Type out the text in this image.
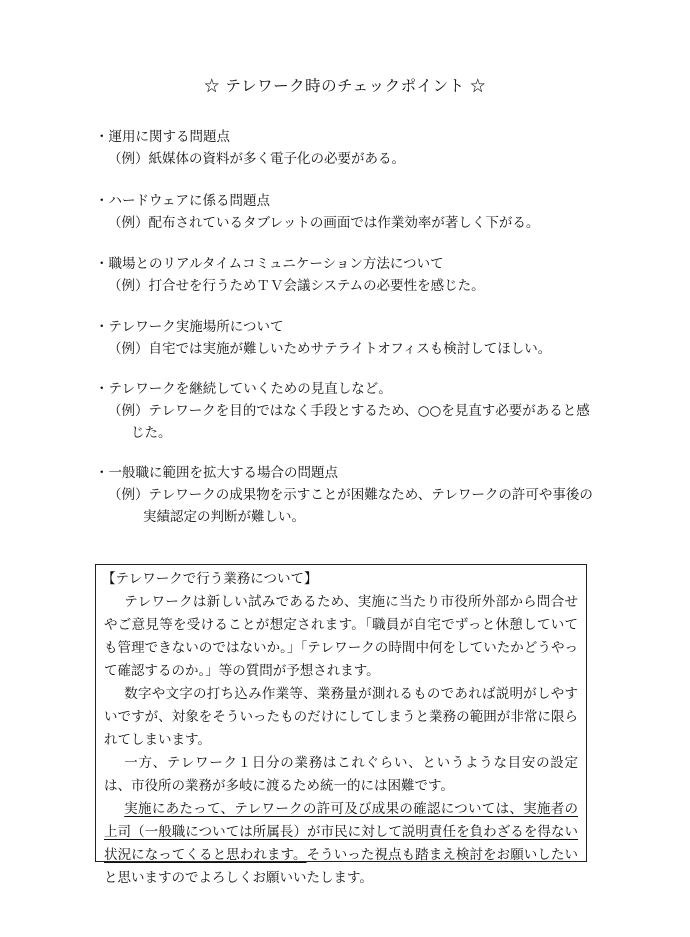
☆ テレワーク時のチェックポイント ☆
・運用に関する問題点
（例）紙媒体の資料が多く電子化の必要がある。
・ハードウェアに係る問題点
（例）配布されているタブレットの画面では作業効率が著しく下がる。
・職場とのリアルタイムコミュニケーション方法について
（例）打合せを行うためＴＶ会議システムの必要性を感じた。
・テレワーク実施場所について
（例）自宅では実施が難しいためサテライトオフィスも検討してほしい。
・テレワークを継続していくための見直しなど。
（例）テレワークを目的ではなく手段とするため、○○を見直す必要があると感
じた。
・一般職に範囲を拡大する場合の問題点
（例）テレワークの成果物を示すことが困難なため、テレワークの許可や事後の
実績認定の判断が難しい。
【テレワークで行う業務について】

テレワークは新しい試みであるため、実施に当たり市役所外部から問合せやご意見等を受けることが想定されます。「職員が自宅でずっと休憩していても管理できないのではないか。」「テレワークの時間中何をしていたかどうやって確認するのか。」等の質問が予想されます。

数字や文字の打ち込み作業等、業務量が測れるものであれば説明がしやすいですが、対象をそういったものだけにしてしまうと業務の範囲が非常に限られてしまいます。

一方、テレワーク１日分の業務はこれぐらい、というような目安の設定は、市役所の業務が多岐に渡るため統一的には困難です。

実施にあたって、テレワークの許可及び成果の確認については、実施者の上司（一般職については所属長）が市民に対して説明責任を負わざるを得ない状況になってくると思われます。そういった視点も踏まえ検討をお願いしたいと思いますのでよろしくお願いいたします。
